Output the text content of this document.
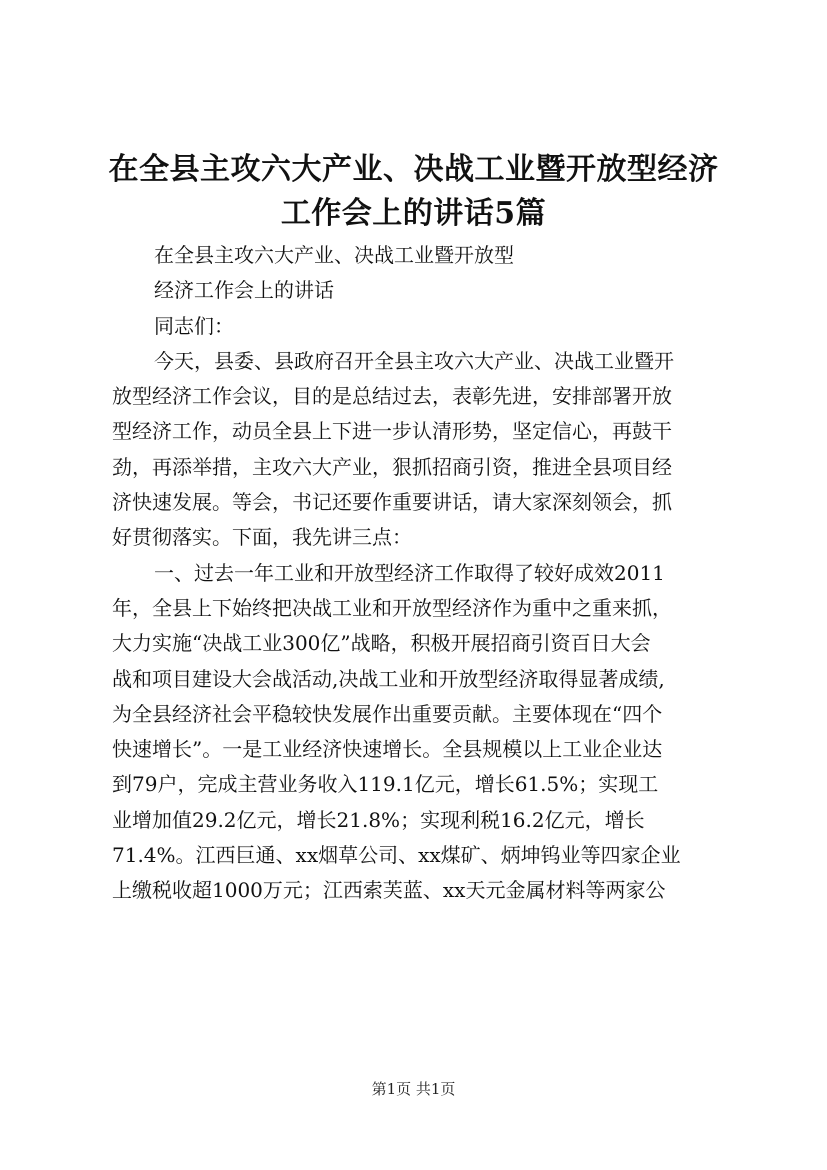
在全县主攻六大产业、决战工业暨开放型经济
工作会上的讲话5篇
在全县主攻六大产业、决战工业暨开放型
经济工作会上的讲话
同志们：
今天，县委、县政府召开全县主攻六大产业、决战工业暨开
放型经济工作会议，目的是总结过去，表彰先进，安排部署开放
型经济工作，动员全县上下进一步认清形势，坚定信心，再鼓干
劲，再添举措，主攻六大产业，狠抓招商引资，推进全县项目经
济快速发展。等会，书记还要作重要讲话，请大家深刻领会，抓
好贯彻落实。下面，我先讲三点：
一、过去一年工业和开放型经济工作取得了较好成效2011
年，全县上下始终把决战工业和开放型经济作为重中之重来抓，
大力实施“决战工业300亿”战略，积极开展招商引资百日大会
战和项目建设大会战活动,决战工业和开放型经济取得显著成绩,
为全县经济社会平稳较快发展作出重要贡献。主要体现在“四个
快速增长”。一是工业经济快速增长。全县规模以上工业企业达
到79户，完成主营业务收入119.1亿元，增长61.5%；实现工
业增加值29.2亿元，增长21.8%；实现利税16.2亿元，增长
71.4%。江西巨通、xx烟草公司、xx煤矿、炳坤钨业等四家企业
上缴税收超1000万元；江西索芙蓝、xx天元金属材料等两家公
第1页 共1页
